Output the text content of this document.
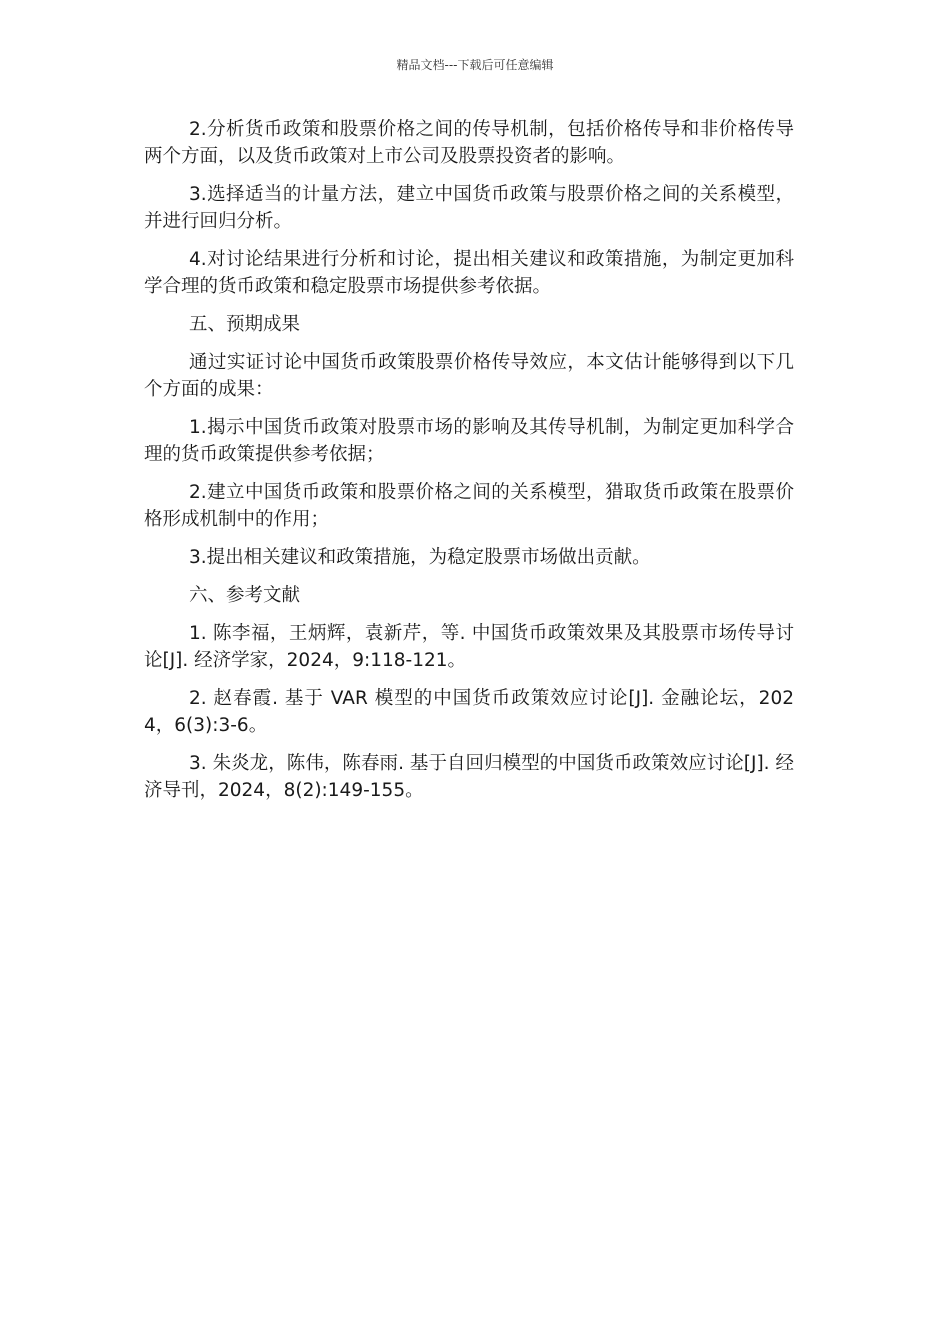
精品文档---下载后可任意编辑

2.分析货币政策和股票价格之间的传导机制，包括价格传导和非价格传导两个方面，以及货币政策对上市公司及股票投资者的影响。

3.选择适当的计量方法，建立中国货币政策与股票价格之间的关系模型，并进行回归分析。

4.对讨论结果进行分析和讨论，提出相关建议和政策措施，为制定更加科学合理的货币政策和稳定股票市场提供参考依据。

五、预期成果

通过实证讨论中国货币政策股票价格传导效应，本文估计能够得到以下几个方面的成果：

1.揭示中国货币政策对股票市场的影响及其传导机制，为制定更加科学合理的货币政策提供参考依据；

2.建立中国货币政策和股票价格之间的关系模型，猎取货币政策在股票价格形成机制中的作用；

3.提出相关建议和政策措施，为稳定股票市场做出贡献。

六、参考文献

1. 陈李福，王炳辉，袁新芹，等. 中国货币政策效果及其股票市场传导讨论[J]. 经济学家，2024，9:118-121。

2. 赵春霞. 基于 VAR 模型的中国货币政策效应讨论[J]. 金融论坛，2024，6(3):3-6。

3. 朱炎龙，陈伟，陈春雨. 基于自回归模型的中国货币政策效应讨论[J]. 经济导刊，2024，8(2):149-155。
